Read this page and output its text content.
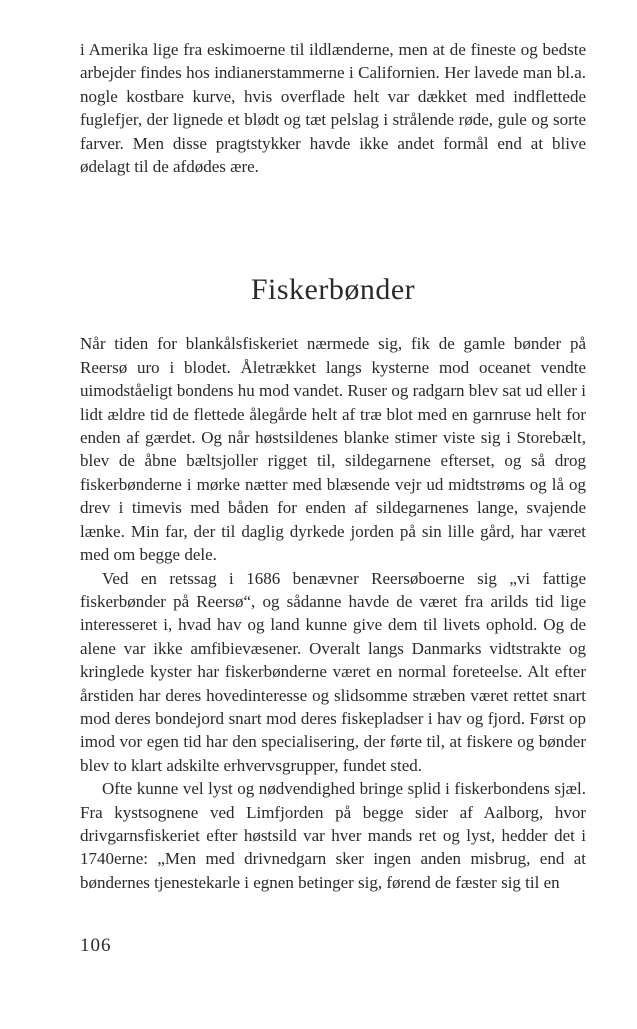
i Amerika lige fra eskimoerne til ildlænderne, men at de fineste og bedste arbejder findes hos indianerstammerne i Californien. Her lavede man bl.a. nogle kostbare kurve, hvis overflade helt var dækket med indflettede fuglefjer, der lignede et blødt og tæt pelslag i strålende røde, gule og sorte farver. Men disse pragtstykker havde ikke andet formål end at blive ødelagt til de afdødes ære.

Fiskerbønder

Når tiden for blankålsfiskeriet nærmede sig, fik de gamle bønder på Reersø uro i blodet. Åletrækket langs kysterne mod oceanet vendte uimodståeligt bondens hu mod vandet. Ruser og radgarn blev sat ud eller i lidt ældre tid de flettede ålegårde helt af træ blot med en garnruse helt for enden af gærdet. Og når høstsildenes blanke stimer viste sig i Storebælt, blev de åbne bæltsjoller rigget til, sildegarnene efterset, og så drog fiskerbønderne i mørke nætter med blæsende vejr ud midtstrøms og lå og drev i timevis med båden for enden af sildegarnenes lange, svajende lænke. Min far, der til daglig dyrkede jorden på sin lille gård, har været med om begge dele.

Ved en retssag i 1686 benævner Reersøboerne sig „vi fattige fiskerbønder på Reersø“, og sådanne havde de været fra arilds tid lige interesseret i, hvad hav og land kunne give dem til livets ophold. Og de alene var ikke amfibievæsener. Overalt langs Danmarks vidtstrakte og kringlede kyster har fiskerbønderne været en normal foreteelse. Alt efter årstiden har deres hovedinteresse og slidsomme stræben været rettet snart mod deres bondejord snart mod deres fiskepladser i hav og fjord. Først op imod vor egen tid har den specialisering, der førte til, at fiskere og bønder blev to klart adskilte erhvervsgrupper, fundet sted.

Ofte kunne vel lyst og nødvendighed bringe splid i fiskerbondens sjæl. Fra kystsognene ved Limfjorden på begge sider af Aalborg, hvor drivgarnsfiskeriet efter høstsild var hver mands ret og lyst, hedder det i 1740erne: „Men med drivnedgarn sker ingen anden misbrug, end at bøndernes tjenestekarle i egnen betinger sig, førend de fæster sig til en

106
